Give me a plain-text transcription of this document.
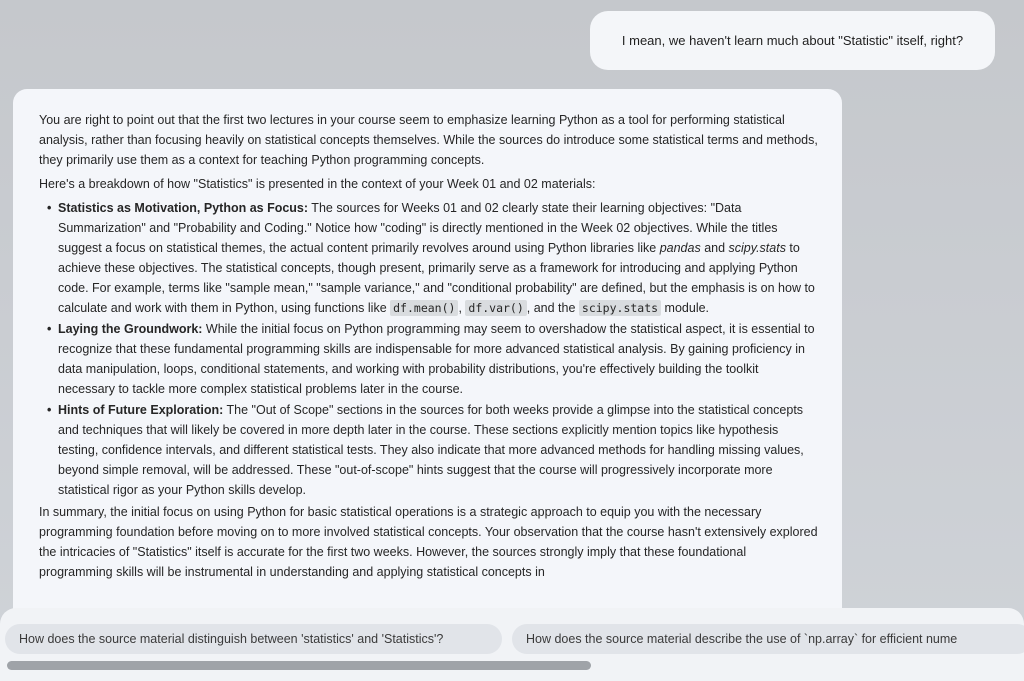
I mean, we haven't learn much about "Statistic" itself, right?

You are right to point out that the first two lectures in your course seem to emphasize learning Python as a tool for performing statistical analysis, rather than focusing heavily on statistical concepts themselves. While the sources do introduce some statistical terms and methods, they primarily use them as a context for teaching Python programming concepts.

Here's a breakdown of how "Statistics" is presented in the context of your Week 01 and 02 materials:

• Statistics as Motivation, Python as Focus: The sources for Weeks 01 and 02 clearly state their learning objectives: "Data Summarization" and "Probability and Coding." Notice how "coding" is directly mentioned in the Week 02 objectives. While the titles suggest a focus on statistical themes, the actual content primarily revolves around using Python libraries like pandas and scipy.stats to achieve these objectives. The statistical concepts, though present, primarily serve as a framework for introducing and applying Python code. For example, terms like "sample mean," "sample variance," and "conditional probability" are defined, but the emphasis is on how to calculate and work with them in Python, using functions like df.mean() , df.var() , and the scipy.stats module.
• Laying the Groundwork: While the initial focus on Python programming may seem to overshadow the statistical aspect, it is essential to recognize that these fundamental programming skills are indispensable for more advanced statistical analysis. By gaining proficiency in data manipulation, loops, conditional statements, and working with probability distributions, you're effectively building the toolkit necessary to tackle more complex statistical problems later in the course.
• Hints of Future Exploration: The "Out of Scope" sections in the sources for both weeks provide a glimpse into the statistical concepts and techniques that will likely be covered in more depth later in the course. These sections explicitly mention topics like hypothesis testing, confidence intervals, and different statistical tests. They also indicate that more advanced methods for handling missing values, beyond simple removal, will be addressed. These "out-of-scope" hints suggest that the course will progressively incorporate more statistical rigor as your Python skills develop.

In summary, the initial focus on using Python for basic statistical operations is a strategic approach to equip you with the necessary programming foundation before moving on to more involved statistical concepts. Your observation that the course hasn't extensively explored the intricacies of "Statistics" itself is accurate for the first two weeks. However, the sources strongly imply that these foundational programming skills will be instrumental in understanding and applying statistical concepts in

How does the source material distinguish between 'statistics' and 'Statistics'?	How does the source material describe the use of `np.array` for efficient nume
